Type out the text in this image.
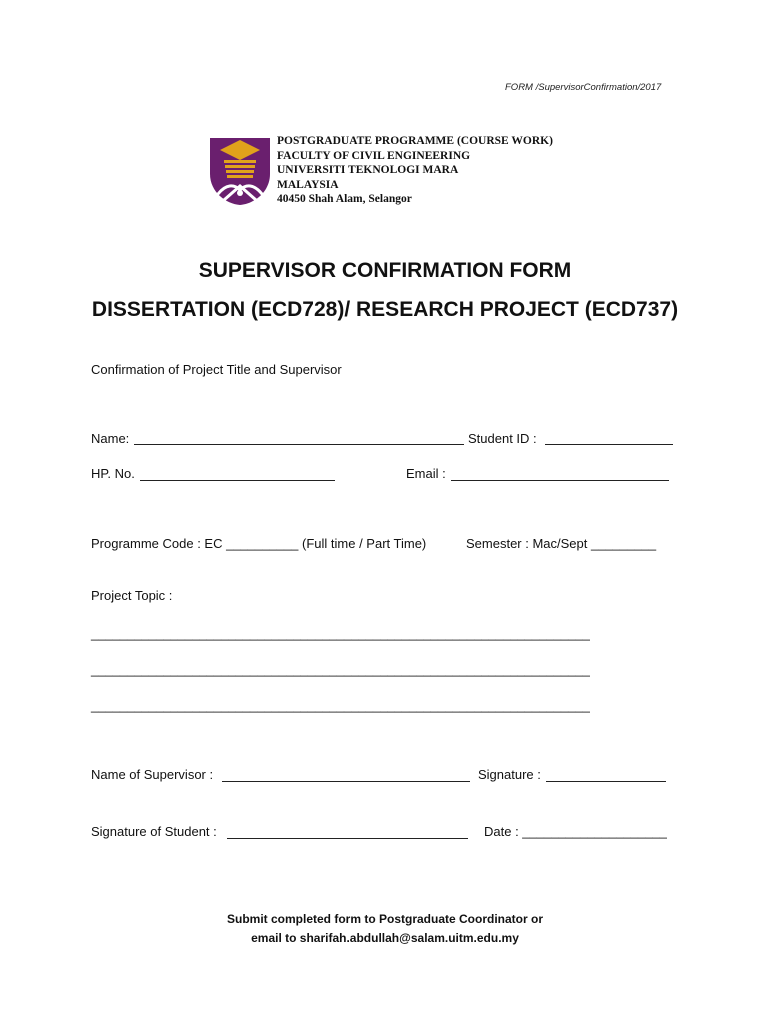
FORM /SupervisorConfirmation/2017
POSTGRADUATE PROGRAMME (COURSE WORK)
FACULTY OF CIVIL ENGINEERING
UNIVERSITI TEKNOLOGI MARA
MALAYSIA
40450 Shah Alam, Selangor
SUPERVISOR CONFIRMATION FORM
DISSERTATION (ECD728)/ RESEARCH PROJECT (ECD737)
Confirmation of Project Title and Supervisor
Name:	Student ID :
HP. No.	Email :
Programme Code : EC __________ (Full time / Part Time)	Semester : Mac/Sept _________
Project Topic :
_____________________________________________________________________
_____________________________________________________________________
_____________________________________________________________________
Name of Supervisor :	Signature :
Signature of Student :	Date : ____________________
Submit completed form to Postgraduate Coordinator or
email to sharifah.abdullah@salam.uitm.edu.my
